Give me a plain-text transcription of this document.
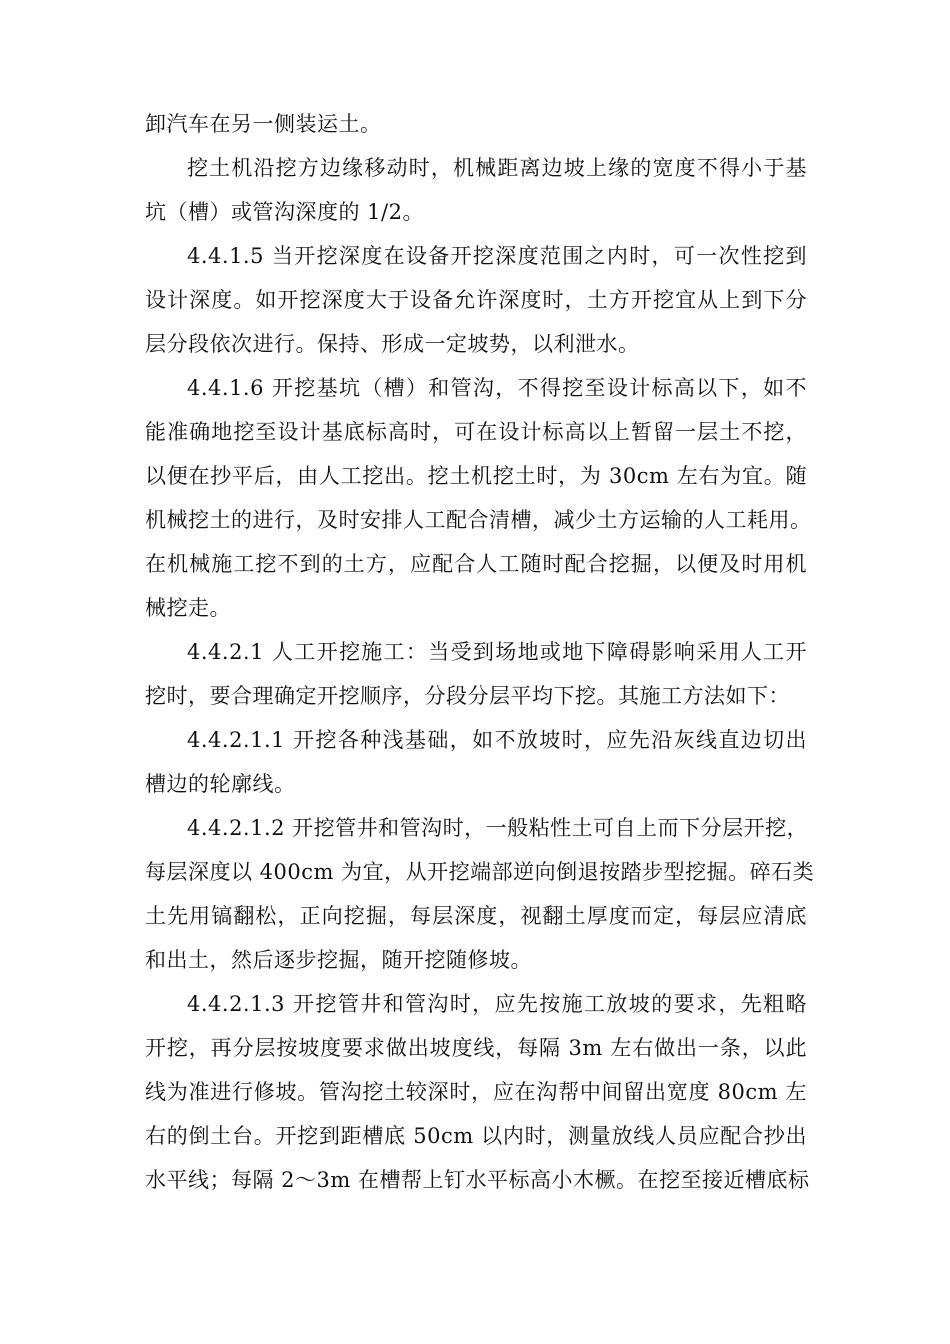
卸汽车在另一侧装运土。
挖土机沿挖方边缘移动时，机械距离边坡上缘的宽度不得小于基
坑（槽）或管沟深度的 1/2。
4.4.1.5 当开挖深度在设备开挖深度范围之内时，可一次性挖到
设计深度。如开挖深度大于设备允许深度时，土方开挖宜从上到下分
层分段依次进行。保持、形成一定坡势，以利泄水。
4.4.1.6 开挖基坑（槽）和管沟，不得挖至设计标高以下，如不
能准确地挖至设计基底标高时，可在设计标高以上暂留一层土不挖，
以便在抄平后，由人工挖出。挖土机挖土时，为 30cm 左右为宜。随
机械挖土的进行，及时安排人工配合清槽，减少土方运输的人工耗用。
在机械施工挖不到的土方，应配合人工随时配合挖掘，以便及时用机
械挖走。
4.4.2.1 人工开挖施工：当受到场地或地下障碍影响采用人工开
挖时，要合理确定开挖顺序，分段分层平均下挖。其施工方法如下：
4.4.2.1.1 开挖各种浅基础，如不放坡时，应先沿灰线直边切出
槽边的轮廓线。
4.4.2.1.2 开挖管井和管沟时，一般粘性土可自上而下分层开挖，
每层深度以 400cm 为宜，从开挖端部逆向倒退按踏步型挖掘。碎石类
土先用镐翻松，正向挖掘，每层深度，视翻土厚度而定，每层应清底
和出土，然后逐步挖掘，随开挖随修坡。
4.4.2.1.3 开挖管井和管沟时，应先按施工放坡的要求，先粗略
开挖，再分层按坡度要求做出坡度线，每隔 3m 左右做出一条，以此
线为准进行修坡。管沟挖土较深时，应在沟帮中间留出宽度 80cm 左
右的倒土台。开挖到距槽底 50cm 以内时，测量放线人员应配合抄出
水平线；每隔 2～3m 在槽帮上钉水平标高小木橛。在挖至接近槽底标
